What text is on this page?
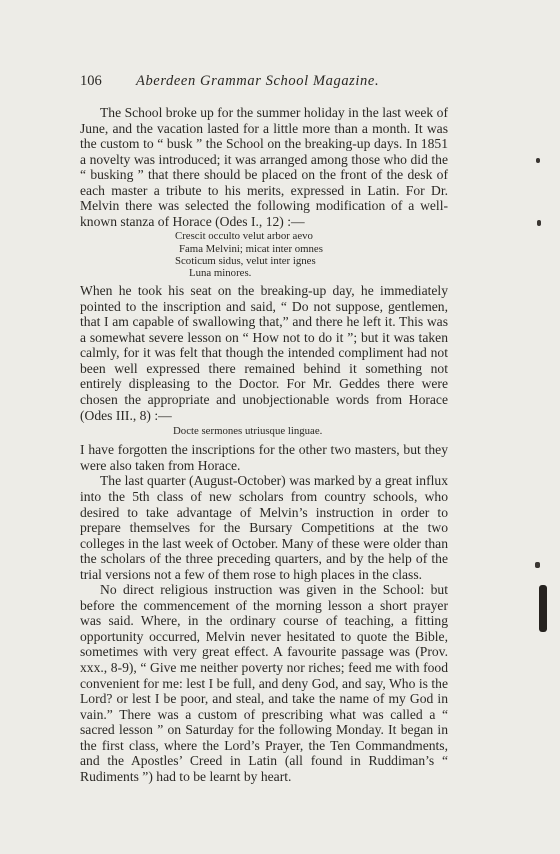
106 Aberdeen Grammar School Magazine.

The School broke up for the summer holiday in the last week of June, and the vacation lasted for a little more than a month. It was the custom to “ busk ” the School on the breaking-up days. In 1851 a novelty was introduced; it was arranged among those who did the “ busking ” that there should be placed on the front of the desk of each master a tribute to his merits, expressed in Latin. For Dr. Melvin there was selected the following modification of a well-known stanza of Horace (Odes I., 12) :—

Crescit occulto velut arbor aevo
Fama Melvini; micat inter omnes
Scoticum sidus, velut inter ignes
Luna minores.

When he took his seat on the breaking-up day, he immediately pointed to the inscription and said, “ Do not suppose, gentlemen, that I am capable of swallowing that,” and there he left it. This was a somewhat severe lesson on “ How not to do it ”; but it was taken calmly, for it was felt that though the intended compliment had not been well expressed there remained behind it something not entirely displeasing to the Doctor. For Mr. Geddes there were chosen the appropriate and unobjectionable words from Horace (Odes III., 8) :—

Docte sermones utriusque linguae.

I have forgotten the inscriptions for the other two masters, but they were also taken from Horace.

The last quarter (August-October) was marked by a great influx into the 5th class of new scholars from country schools, who desired to take advantage of Melvin’s instruction in order to prepare themselves for the Bursary Competitions at the two colleges in the last week of October. Many of these were older than the scholars of the three preceding quarters, and by the help of the trial versions not a few of them rose to high places in the class.

No direct religious instruction was given in the School: but before the commencement of the morning lesson a short prayer was said. Where, in the ordinary course of teaching, a fitting opportunity occurred, Melvin never hesitated to quote the Bible, sometimes with very great effect. A favourite passage was (Prov. xxx., 8-9), “ Give me neither poverty nor riches; feed me with food convenient for me: lest I be full, and deny God, and say, Who is the Lord? or lest I be poor, and steal, and take the name of my God in vain.” There was a custom of prescribing what was called a “ sacred lesson ” on Saturday for the following Monday. It began in the first class, where the Lord’s Prayer, the Ten Commandments, and the Apostles’ Creed in Latin (all found in Ruddiman’s “ Rudiments ”) had to be learnt by heart.
